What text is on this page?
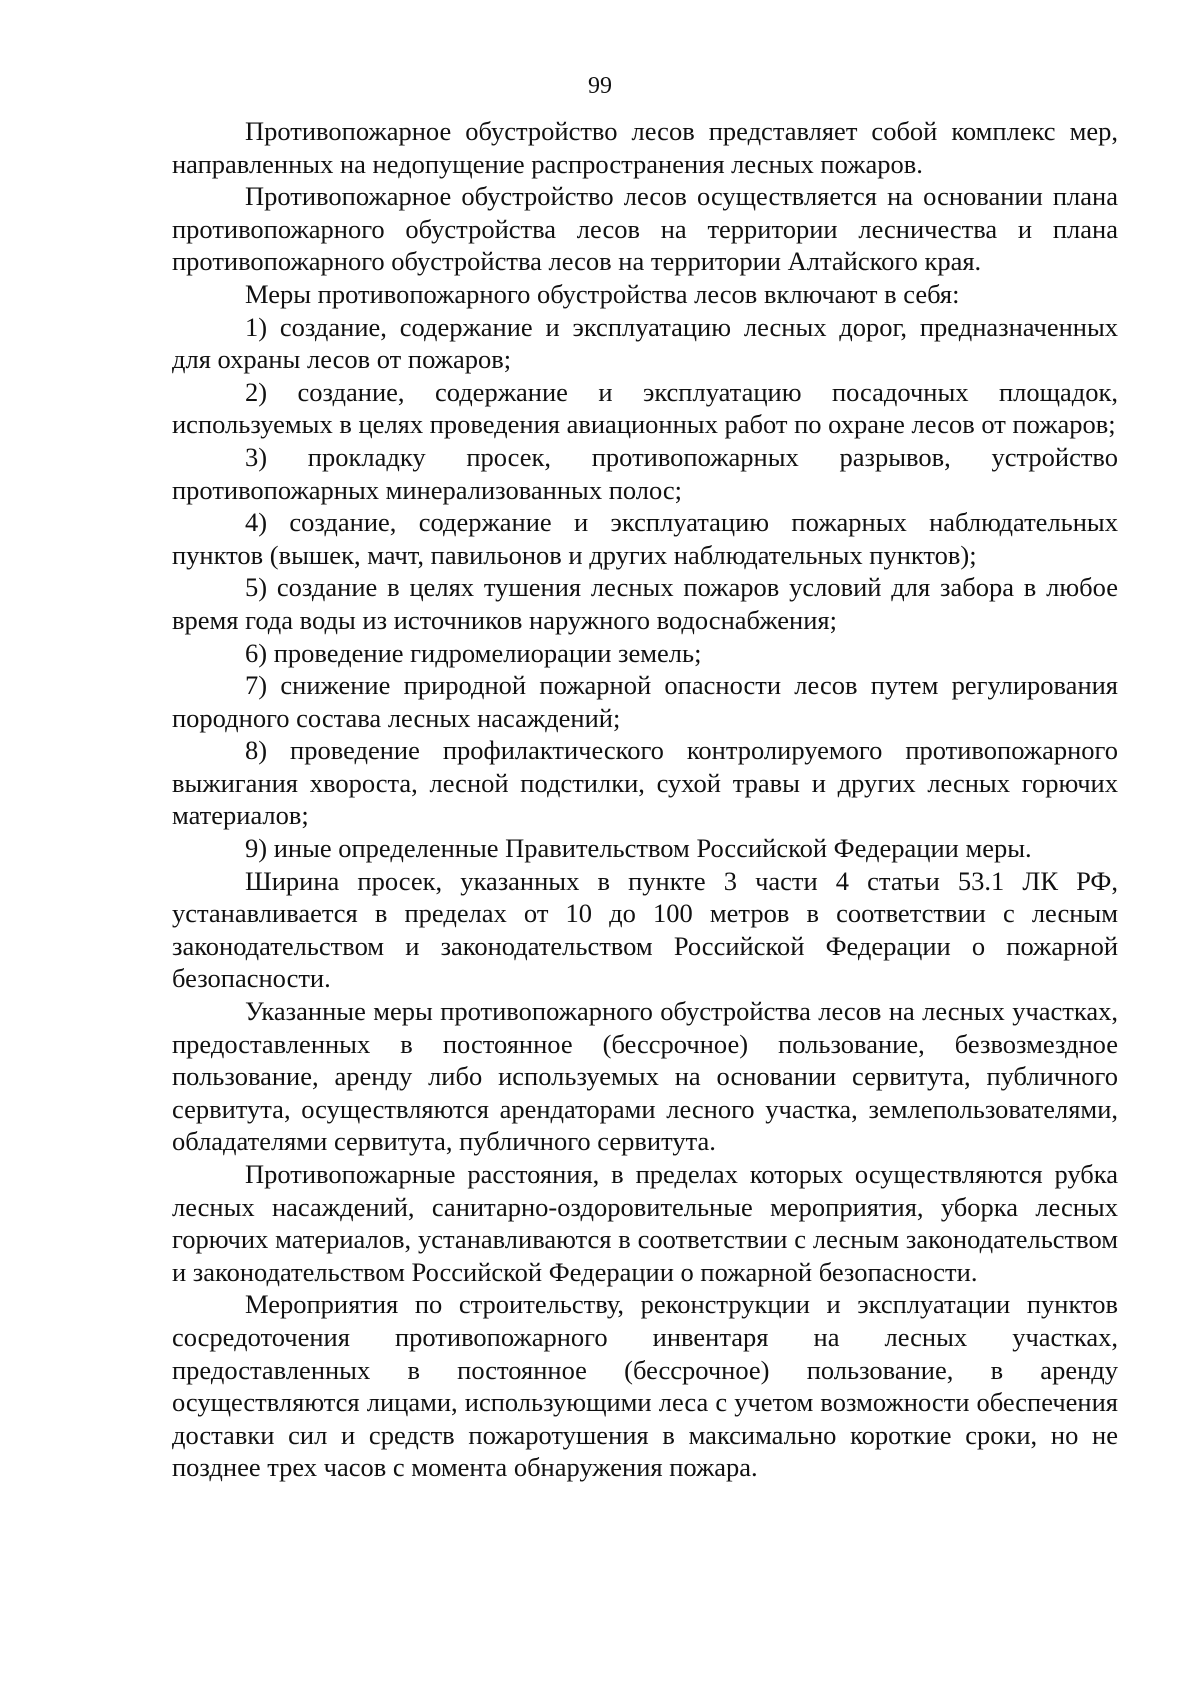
99

Противопожарное обустройство лесов представляет собой комплекс мер, направленных на недопущение распространения лесных пожаров.

Противопожарное обустройство лесов осуществляется на основании плана противопожарного обустройства лесов на территории лесничества и плана противопожарного обустройства лесов на территории Алтайского края.

Меры противопожарного обустройства лесов включают в себя:

1) создание, содержание и эксплуатацию лесных дорог, предназначенных для охраны лесов от пожаров;

2) создание, содержание и эксплуатацию посадочных площадок, используемых в целях проведения авиационных работ по охране лесов от пожаров;

3) прокладку просек, противопожарных разрывов, устройство противопожарных минерализованных полос;

4) создание, содержание и эксплуатацию пожарных наблюдательных пунктов (вышек, мачт, павильонов и других наблюдательных пунктов);

5) создание в целях тушения лесных пожаров условий для забора в любое время года воды из источников наружного водоснабжения;

6) проведение гидромелиорации земель;

7) снижение природной пожарной опасности лесов путем регулирования породного состава лесных насаждений;

8) проведение профилактического контролируемого противопожарного выжигания хвороста, лесной подстилки, сухой травы и других лесных горючих материалов;

9) иные определенные Правительством Российской Федерации меры.

Ширина просек, указанных в пункте 3 части 4 статьи 53.1 ЛК РФ, устанавливается в пределах от 10 до 100 метров в соответствии с лесным законодательством и законодательством Российской Федерации о пожарной безопасности.

Указанные меры противопожарного обустройства лесов на лесных участках, предоставленных в постоянное (бессрочное) пользование, безвозмездное пользование, аренду либо используемых на основании сервитута, публичного сервитута, осуществляются арендаторами лесного участка, землепользователями, обладателями сервитута, публичного сервитута.

Противопожарные расстояния, в пределах которых осуществляются рубка лесных насаждений, санитарно-оздоровительные мероприятия, уборка лесных горючих материалов, устанавливаются в соответствии с лесным законодательством и законодательством Российской Федерации о пожарной безопасности.

Мероприятия по строительству, реконструкции и эксплуатации пунктов сосредоточения противопожарного инвентаря на лесных участках, предоставленных в постоянное (бессрочное) пользование, в аренду осуществляются лицами, использующими леса с учетом возможности обеспечения доставки сил и средств пожаротушения в максимально короткие сроки, но не позднее трех часов с момента обнаружения пожара.
